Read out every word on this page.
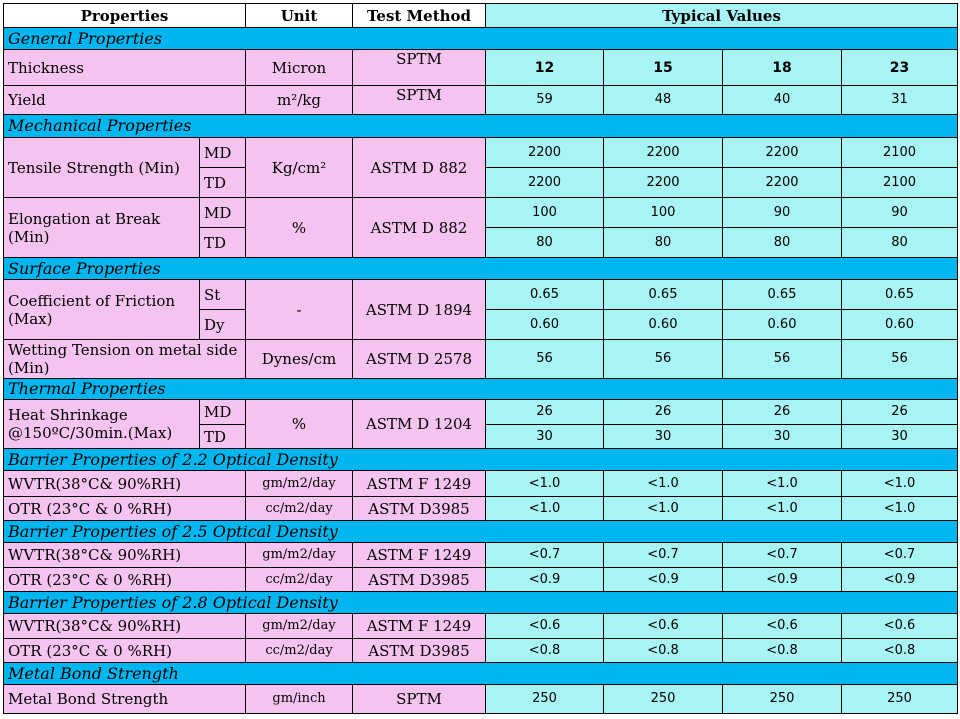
Properties		Unit	Test Method	Typical Values			
General Properties							
Thickness		Micron	SPTM	12	15	18	23
Yield		m²/kg	SPTM	59	48	40	31
Mechanical Properties							
Tensile Strength (Min)	MD	Kg/cm²	ASTM D 882	2200	2200	2200	2100
	TD			2200	2200	2200	2100
Elongation at Break (Min)	MD	%	ASTM D 882	100	100	90	90
	TD			80	80	80	80
Surface Properties							
Coefficient of Friction (Max)	St	-	ASTM D 1894	0.65	0.65	0.65	0.65
	Dy			0.60	0.60	0.60	0.60
Wetting Tension on metal side (Min)		Dynes/cm	ASTM D 2578	56	56	56	56
Thermal Properties							
Heat Shrinkage @150ºC/30min.(Max)	MD	%	ASTM D 1204	26	26	26	26
	TD			30	30	30	30
Barrier Properties of 2.2 Optical Density							
WVTR(38°C& 90%RH)		gm/m2/day	ASTM F 1249	<1.0	<1.0	<1.0	<1.0
OTR (23°C & 0 %RH)		cc/m2/day	ASTM D3985	<1.0	<1.0	<1.0	<1.0
Barrier Properties of 2.5 Optical Density							
WVTR(38°C& 90%RH)		gm/m2/day	ASTM F 1249	<0.7	<0.7	<0.7	<0.7
OTR (23°C & 0 %RH)		cc/m2/day	ASTM D3985	<0.9	<0.9	<0.9	<0.9
Barrier Properties of 2.8 Optical Density							
WVTR(38°C& 90%RH)		gm/m2/day	ASTM F 1249	<0.6	<0.6	<0.6	<0.6
OTR (23°C & 0 %RH)		cc/m2/day	ASTM D3985	<0.8	<0.8	<0.8	<0.8
Metal Bond Strength							
Metal Bond Strength		gm/inch	SPTM	250	250	250	250
